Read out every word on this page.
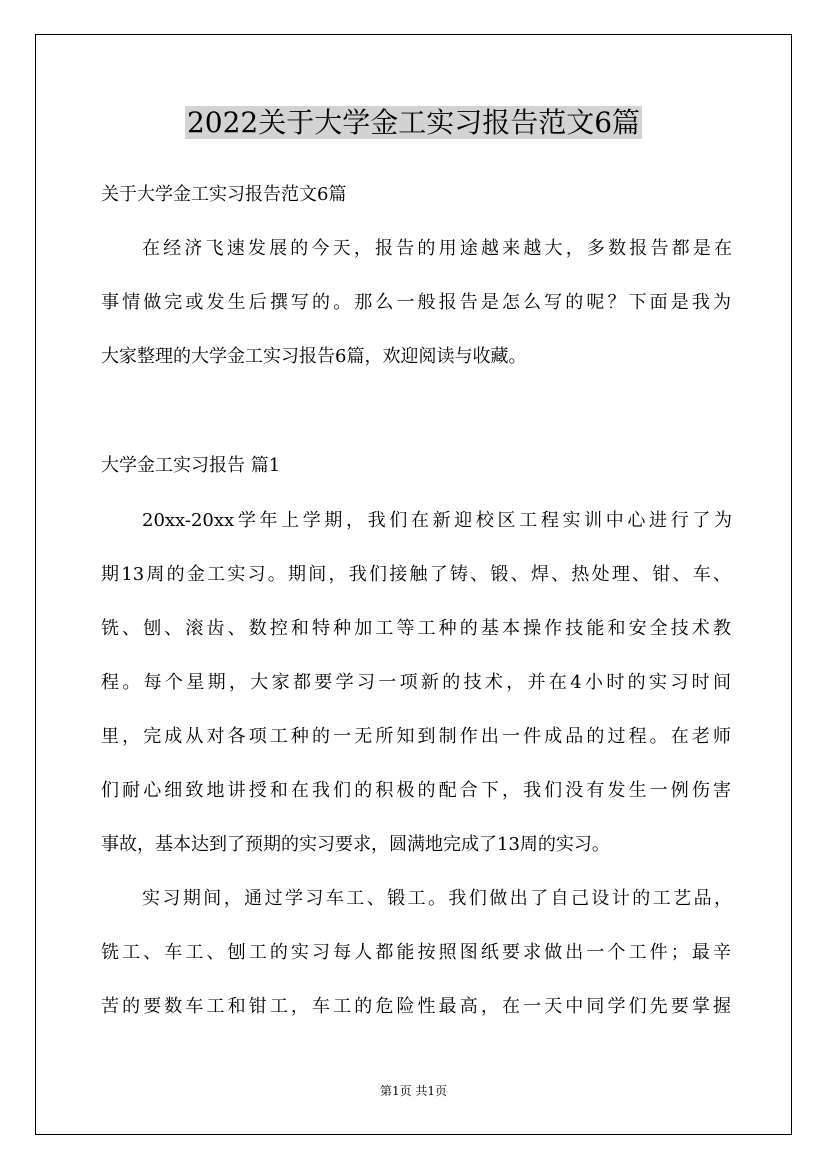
2022关于大学金工实习报告范文6篇

关于大学金工实习报告范文6篇

在经济飞速发展的今天，报告的用途越来越大，多数报告都是在

事情做完或发生后撰写的。那么一般报告是怎么写的呢？下面是我为

大家整理的大学金工实习报告6篇，欢迎阅读与收藏。

大学金工实习报告 篇1

20xx-20xx学年上学期，我们在新迎校区工程实训中心进行了为

期13周的金工实习。期间，我们接触了铸、锻、焊、热处理、钳、车、

铣、刨、滚齿、数控和特种加工等工种的基本操作技能和安全技术教

程。每个星期，大家都要学习一项新的技术，并在4小时的实习时间

里，完成从对各项工种的一无所知到制作出一件成品的过程。在老师

们耐心细致地讲授和在我们的积极的配合下，我们没有发生一例伤害

事故，基本达到了预期的实习要求，圆满地完成了13周的实习。

实习期间，通过学习车工、锻工。我们做出了自己设计的工艺品，

铣工、车工、刨工的实习每人都能按照图纸要求做出一个工件；最辛

苦的要数车工和钳工，车工的危险性最高，在一天中同学们先要掌握

第1页 共1页
